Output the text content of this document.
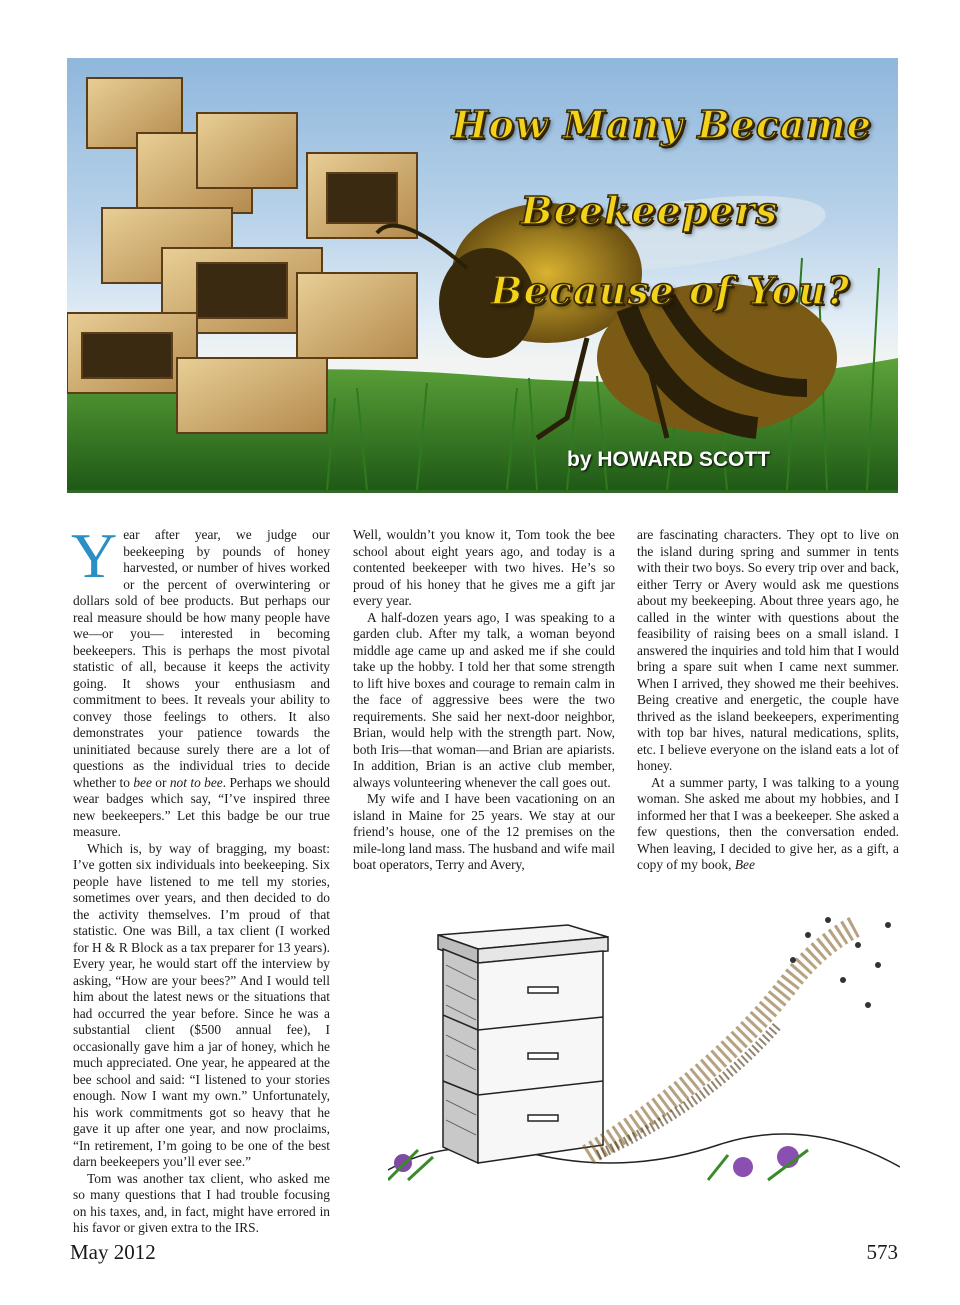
How Many Became

Beekeepers

Because of You?

by HOWARD SCOTT

Year after year, we judge our beekeeping by pounds of honey harvested, or number of hives worked or the percent of overwintering or dollars sold of bee products. But perhaps our real measure should be how many people have we—or you— interested in becoming beekeepers. This is perhaps the most pivotal statistic of all, because it keeps the activity going. It shows your enthusiasm and commitment to bees. It reveals your ability to convey those feelings to others. It also demonstrates your patience towards the uninitiated because surely there are a lot of questions as the individual tries to decide whether to bee or not to bee. Perhaps we should wear badges which say, “I’ve inspired three new beekeepers.” Let this badge be our true measure.

Which is, by way of bragging, my boast: I’ve gotten six individuals into beekeeping. Six people have listened to me tell my stories, sometimes over years, and then decided to do the activity themselves. I’m proud of that statistic. One was Bill, a tax client (I worked for H & R Block as a tax preparer for 13 years). Every year, he would start off the interview by asking, “How are your bees?” And I would tell him about the latest news or the situations that had occurred the year before. Since he was a substantial client ($500 annual fee), I occasionally gave him a jar of honey, which he much appreciated. One year, he appeared at the bee school and said: “I listened to your stories enough. Now I want my own.” Unfortunately, his work commitments got so heavy that he gave it up after one year, and now proclaims, “In retirement, I’m going to be one of the best darn beekeepers you’ll ever see.”

Tom was another tax client, who asked me so many questions that I had trouble focusing on his taxes, and, in fact, might have errored in his favor or given extra to the IRS.

Well, wouldn’t you know it, Tom took the bee school about eight years ago, and today is a contented beekeeper with two hives. He’s so proud of his honey that he gives me a gift jar every year.

A half-dozen years ago, I was speaking to a garden club. After my talk, a woman beyond middle age came up and asked me if she could take up the hobby. I told her that some strength to lift hive boxes and courage to remain calm in the face of aggressive bees were the two requirements. She said her next-door neighbor, Brian, would help with the strength part. Now, both Iris—that woman—and Brian are apiarists. In addition, Brian is an active club member, always volunteering whenever the call goes out.

My wife and I have been vacationing on an island in Maine for 25 years. We stay at our friend’s house, one of the 12 premises on the mile-long land mass. The husband and wife mail boat operators, Terry and Avery,

are fascinating characters. They opt to live on the island during spring and summer in tents with their two boys. So every trip over and back, either Terry or Avery would ask me questions about my beekeeping. About three years ago, he called in the winter with questions about the feasibility of raising bees on a small island. I answered the inquiries and told him that I would bring a spare suit when I came next summer. When I arrived, they showed me their beehives. Being creative and energetic, the couple have thrived as the island beekeepers, experimenting with top bar hives, natural medications, splits, etc. I believe everyone on the island eats a lot of honey.

At a summer party, I was talking to a young woman. She asked me about my hobbies, and I informed her that I was a beekeeper. She asked a few questions, then the conversation ended. When leaving, I decided to give her, as a gift, a copy of my book, Bee

May 2012	573
